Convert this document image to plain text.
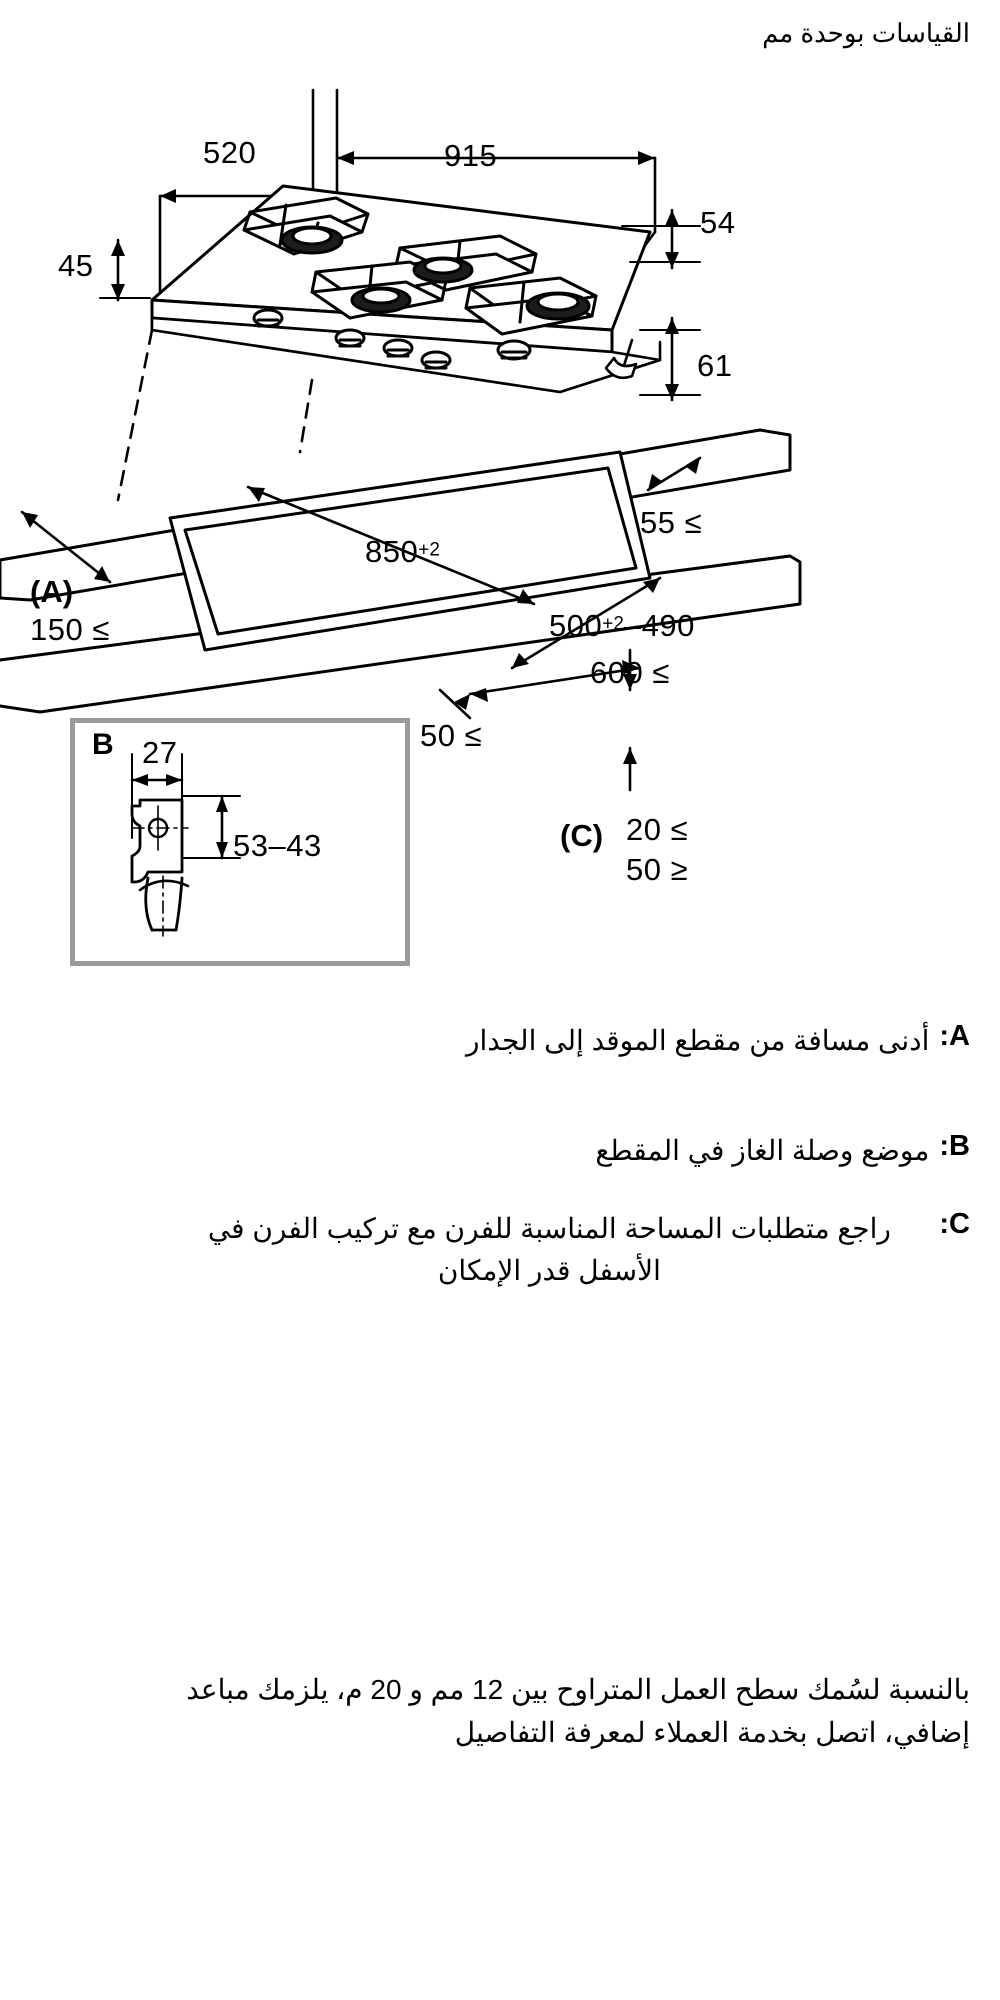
القياسات بوحدة مم
520	915
54
45
61
≥ 55
850+2
490–500+2
≥ 600
≥ 50
(A)
≥ 150
(C) ≥ 20
≤ 50
B 27
43–53
A:
أدنى مسافة من مقطع الموقد إلى الجدار
B:
موضع وصلة الغاز في المقطع
C:
راجع متطلبات المساحة المناسبة للفرن مع تركيب الفرن في الأسفل قدر الإمكان
بالنسبة لسُمك سطح العمل المتراوح بين 12 مم و 20 م، يلزمك مباعد إضافي، اتصل بخدمة العملاء لمعرفة التفاصيل
